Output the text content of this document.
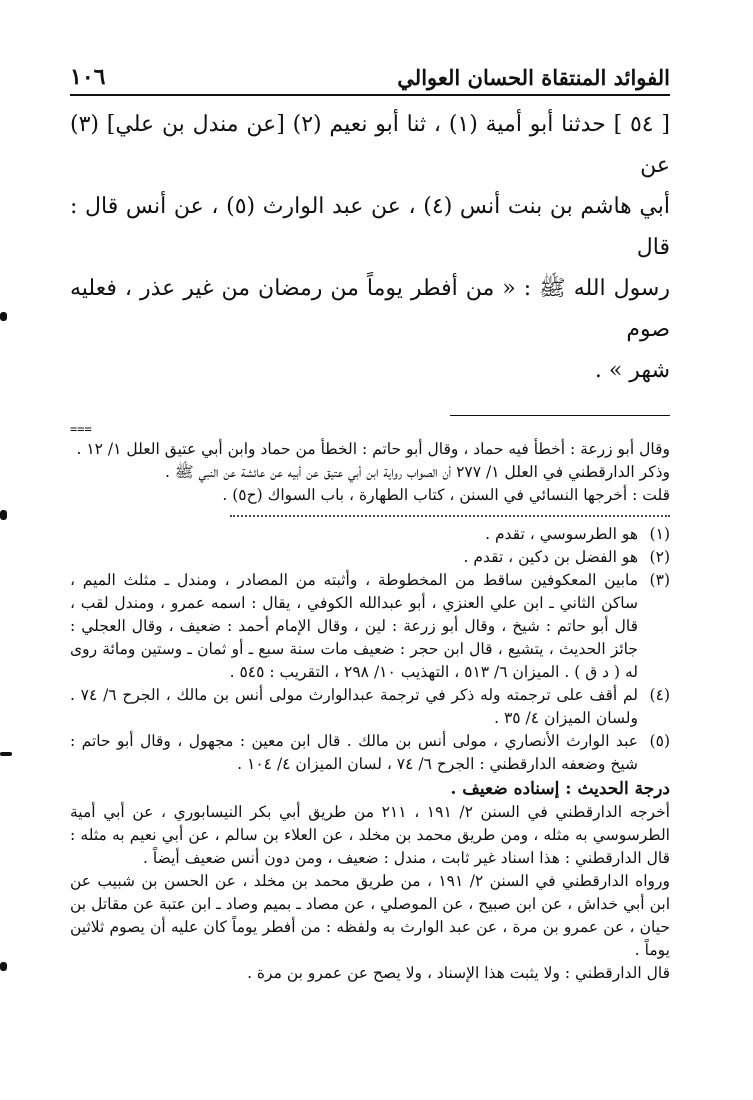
الفوائد المنتقاة الحسان العوالي
١٠٦

[ ٥٤ ] حدثنا أبو أمية (١) ، ثنا أبو نعيم (٢) [عن مندل بن علي] (٣) عن

أبي هاشم بن بنت أنس (٤) ، عن عبد الوارث (٥) ، عن أنس قال : قال

رسول الله ﷺ : « من أفطر يوماً من رمضان من غير عذر ، فعليه صوم

شهر » .

===

وقال أبو زرعة : أخطأ فيه حماد ، وقال أبو حاتم : الخطأ من حماد وابن أبي عتيق العلل ١/ ١٢ .

وذكر الدارقطني في العلل ١/ ٢٧٧ أن الصواب رواية ابن أبي عتيق عن أبيه عن عائشة عن النبي ﷺ .

قلت : أخرجها النسائي في السنن ، كتاب الطهارة ، باب السواك (ح٥) .

(١)
هو الطرسوسي ، تقدم .
(٢)
هو الفضل بن دكين ، تقدم .
(٣)
مابين المعكوفين ساقط من المخطوطة ، وأثبته من المصادر ، ومندل ـ مثلث الميم ، ساكن الثاني ـ ابن علي العنزي ، أبو عبدالله الكوفي ، يقال : اسمه عمرو ، ومندل لقب ، قال أبو حاتم : شيخ ، وقال أبو زرعة : لين ، وقال الإمام أحمد : ضعيف ، وقال العجلي : جائز الحديث ، يتشيع ، قال ابن حجر : ضعيف مات سنة سبع ـ أو ثمان ـ وستين ومائة روى له ( د ق ) . الميزان ٦/ ٥١٣ ، التهذيب ١٠/ ٢٩٨ ، التقريب : ٥٤٥ .
(٤)
لم أقف على ترجمته وله ذكر في ترجمة عبدالوارث مولى أنس بن مالك ، الجرح ٦/ ٧٤ . ولسان الميزان ٤/ ٣٥ .
(٥)
عبد الوارث الأنصاري ، مولى أنس بن مالك . قال ابن معين : مجهول ، وقال أبو حاتم : شيخ وضعفه الدارقطني : الجرح ٦/ ٧٤ ، لسان الميزان ٤/ ١٠٤ .
درجة الحديث : إسناده ضعيف .

أخرجه الدارقطني في السنن ٢/ ١٩١ ، ٢١١ من طريق أبي بكر النيسابوري ، عن أبي أمية الطرسوسي به مثله ، ومن طريق محمد بن مخلد ، عن العلاء بن سالم ، عن أبي نعيم به مثله : قال الدارقطني : هذا اسناد غير ثابت ، مندل : ضعيف ، ومن دون أنس ضعيف أيضاً .

ورواه الدارقطني في السنن ٢/ ١٩١ ، من طريق محمد بن مخلد ، عن الحسن بن شبيب عن ابن أبي خداش ، عن ابن صبيح ، عن الموصلي ، عن مصاد ـ بميم وصاد ـ ابن عتبة عن مقاتل بن حيان ، عن عمرو بن مرة ، عن عبد الوارث به ولفظه : من أفطر يوماً كان عليه أن يصوم ثلاثين يوماً .

قال الدارقطني : ولا يثبت هذا الإسناد ، ولا يصح عن عمرو بن مرة .
